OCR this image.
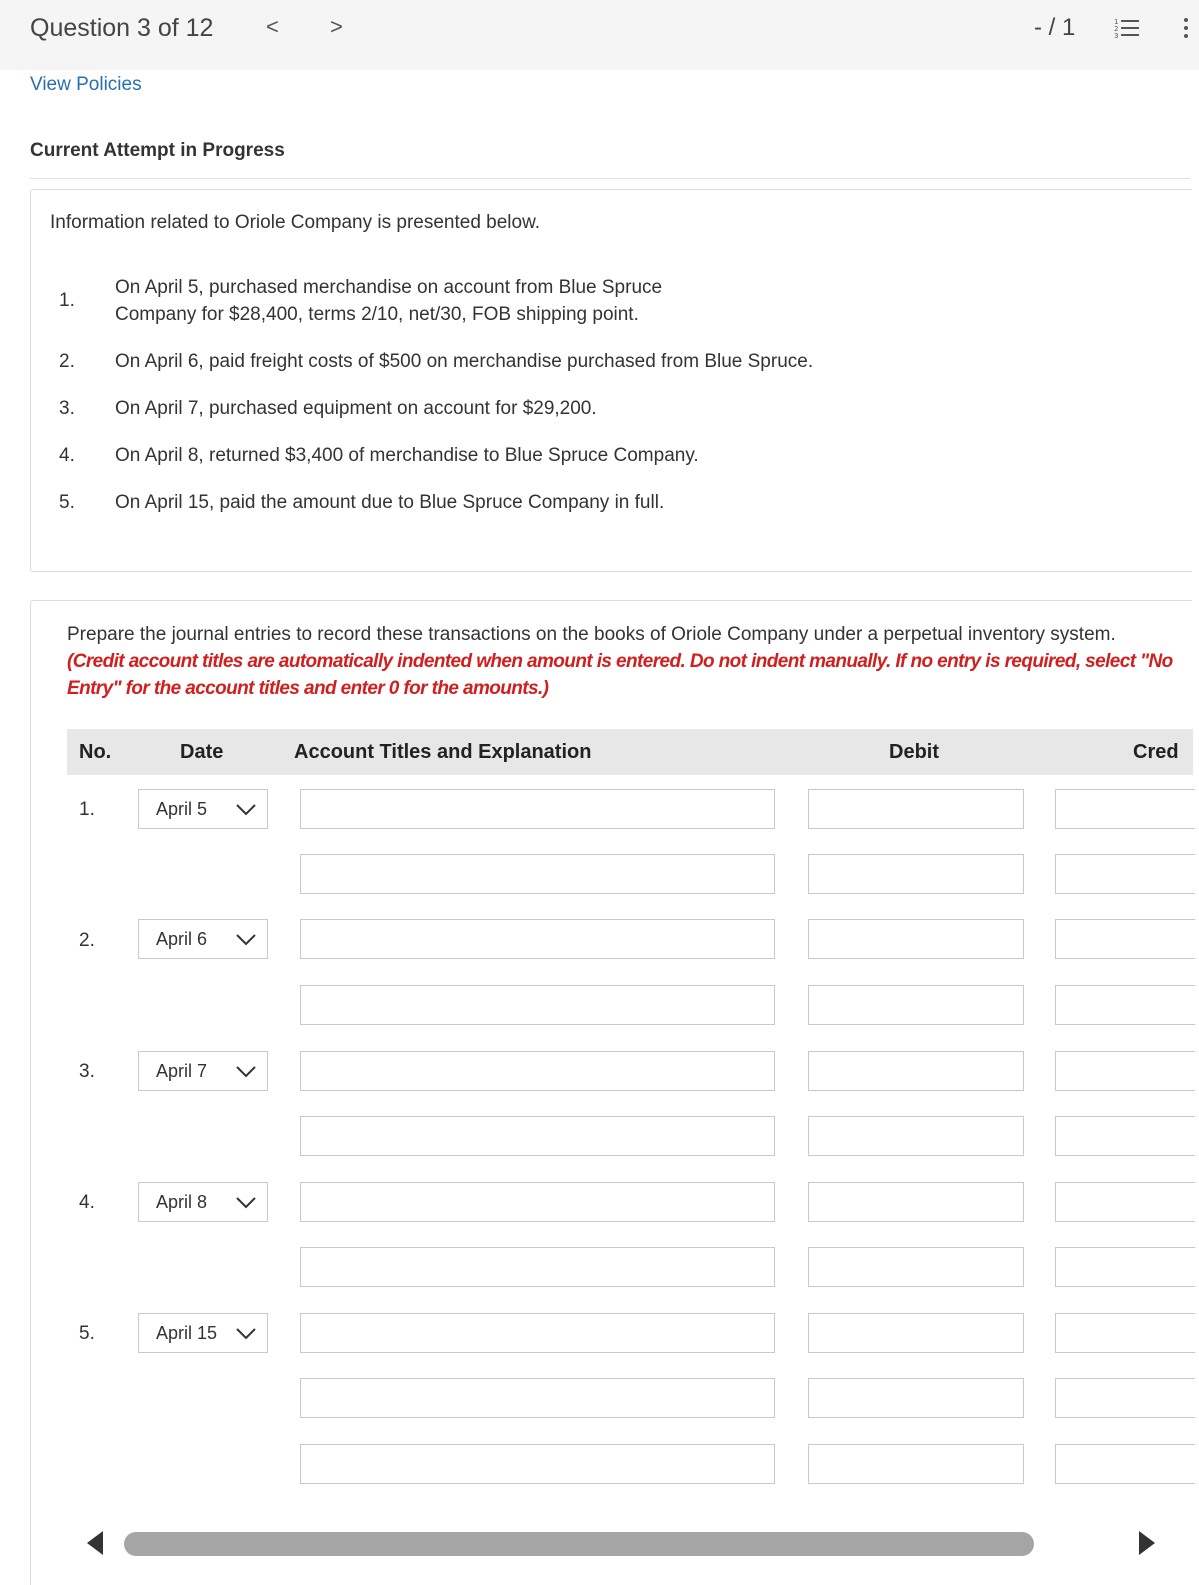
Question 3 of 12 < >	- / 1	1
2
3
View Policies
Current Attempt in Progress
Information related to Oriole Company is presented below.
1.
On April 5, purchased merchandise on account from Blue Spruce Company for $28,400, terms 2/10, net/30, FOB shipping point.
2. On April 6, paid freight costs of $500 on merchandise purchased from Blue Spruce.
3. On April 7, purchased equipment on account for $29,200.
4. On April 8, returned $3,400 of merchandise to Blue Spruce Company.
5. On April 15, paid the amount due to Blue Spruce Company in full.
Prepare the journal entries to record these transactions on the books of Oriole Company under a perpetual inventory system. (Credit account titles are automatically indented when amount is entered. Do not indent manually. If no entry is required, select "No Entry" for the account titles and enter 0 for the amounts.)
No.	Date	Account Titles and Explanation	Debit	Cred
1.	April 5
2.	April 6
3.	April 7
4.	April 8
5.	April 15
